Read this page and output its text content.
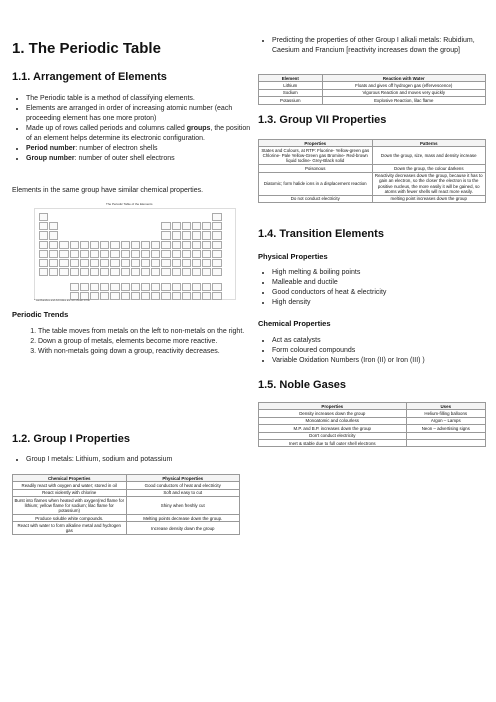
1. The Periodic Table
1.1. Arrangement of Elements
• The Periodic table is a method of classifying elements.
• Elements are arranged in order of increasing atomic number (each proceeding element has one more proton)
• Made up of rows called periods and columns called groups, the position of an element helps determine its electronic configuration.
• Period number: number of electron shells
• Group number: number of outer shell electrons
Elements in the same group have similar chemical properties.
The Periodic Table of the Elements
* Lanthanides and Actinides are not shown in full
Periodic Trends
1. The table moves from metals on the left to non-metals on the right.
2. Down a group of metals, elements become more reactive.
3. With non-metals going down a group, reactivity decreases.
1.2. Group I Properties
• Group I metals: Lithium, sodium and potassium
Chemical Properties	Physical Properties
Readily react with oxygen and water; stored in oil	Good conductors of heat and electricity
React violently with chlorine	Soft and easy to cut
Burst into flames when heated with oxygen(red flame for lithium; yellow flame for sodium; lilac flame for potassium)	Shiny when freshly cut
Produce soluble white compounds.	Melting points decrease down the group.
React with water to form alkaline metal and hydrogen gas	Increase density down the group
• Predicting the properties of other Group I alkali metals: Rubidium, Caesium and Francium [reactivity increases down the group]
Element	Reaction with Water
Lithium	Floats and gives off hydrogen gas (effervescence)
Sodium	Vigorous Reaction and moves very quickly
Potassium	Explosive Reaction, lilac flame
1.3. Group VII Properties
Properties	Patterns
States and Colours, at RTP: Fluorine- Yellow-green gas Chlorine- Pale Yellow-Green gas Bromine- Red-brown liquid Iodine- Grey-Black solid	Down the group, size, mass and density increase
Poisonous	Down the group, the colour darkens
Diatomic; form halide ions in a displacement reaction	Reactivity decreases down the group, because it has to gain an electron, so the closer the electron is to the positive nucleus, the more easily it will be gained, so atoms with fewer shells will react more easily.
Do not conduct electricity	melting point increases down the group
1.4. Transition Elements
Physical Properties
• High melting & boiling points
• Malleable and ductile
• Good conductors of heat & electricity
• High density
Chemical Properties
• Act as catalysts
• Form coloured compounds
• Variable Oxidation Numbers (Iron (II) or Iron (III) )
1.5. Noble Gases
Properties	Uses
Density increases down the group	Helium-filling balloons
Monoatomic and colourless	Argon – Lamps
M.P. and B.P. increases down the group	Neon – advertising signs
Don't conduct electricity	
Inert & stable due to full outer shell electrons	
